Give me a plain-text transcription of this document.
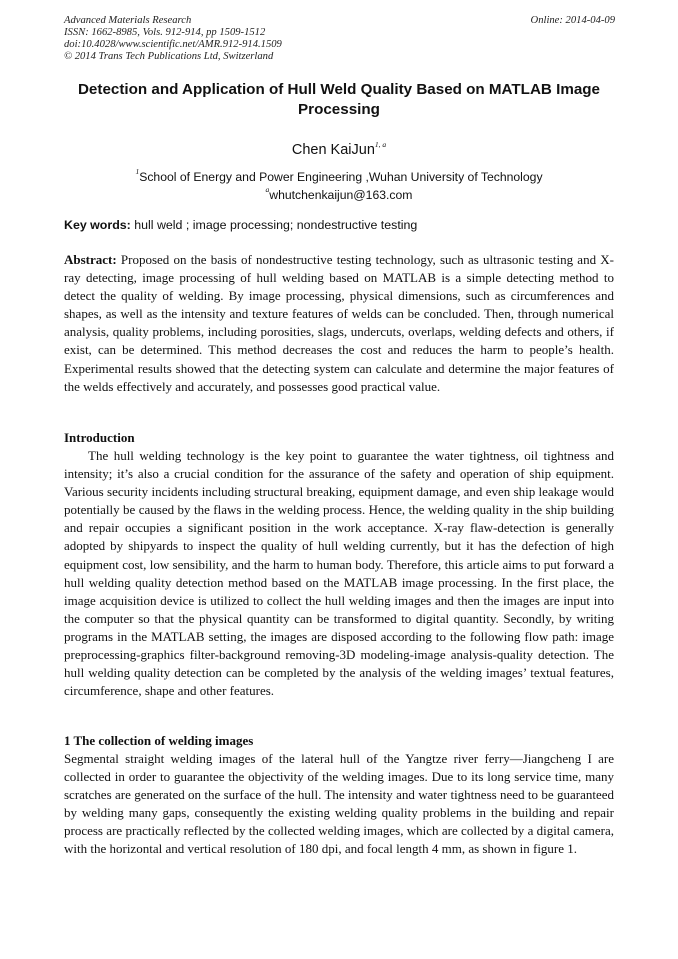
Advanced Materials Research
ISSN: 1662-8985, Vols. 912-914, pp 1509-1512
doi:10.4028/www.scientific.net/AMR.912-914.1509
© 2014 Trans Tech Publications Ltd, Switzerland
Online: 2014-04-09
Detection and Application of Hull Weld Quality Based on MATLAB Image Processing
Chen KaiJun$^{1, a}$
$^1$School of Energy and Power Engineering ,Wuhan University of Technology
$^a$whutchenkaijun@163.com
Key words: hull weld ; image processing; nondestructive testing
Abstract: Proposed on the basis of nondestructive testing technology, such as ultrasonic testing and X-ray detecting, image processing of hull welding based on MATLAB is a simple detecting method to detect the quality of welding. By image processing, physical dimensions, such as circumferences and shapes, as well as the intensity and texture features of welds can be concluded. Then, through numerical analysis, quality problems, including porosities, slags, undercuts, overlaps, welding defects and others, if exist, can be determined. This method decreases the cost and reduces the harm to people’s health. Experimental results showed that the detecting system can calculate and determine the major features of the welds effectively and accurately, and possesses good practical value.
Introduction
The hull welding technology is the key point to guarantee the water tightness, oil tightness and intensity; it’s also a crucial condition for the assurance of the safety and operation of ship equipment. Various security incidents including structural breaking, equipment damage, and even ship leakage would potentially be caused by the flaws in the welding process. Hence, the welding quality in the ship building and repair occupies a significant position in the work acceptance. X-ray flaw-detection is generally adopted by shipyards to inspect the quality of hull welding currently, but it has the defection of high equipment cost, low sensibility, and the harm to human body. Therefore, this article aims to put forward a hull welding quality detection method based on the MATLAB image processing. In the first place, the image acquisition device is utilized to collect the hull welding images and then the images are input into the computer so that the physical quantity can be transformed to digital quantity. Secondly, by writing programs in the MATLAB setting, the images are disposed according to the following flow path: image preprocessing-graphics filter-background removing-3D modeling-image analysis-quality detection. The hull welding quality detection can be completed by the analysis of the welding images’ textual features, circumference, shape and other features.
1 The collection of welding images
Segmental straight welding images of the lateral hull of the Yangtze river ferry—Jiangcheng I are collected in order to guarantee the objectivity of the welding images. Due to its long service time, many scratches are generated on the surface of the hull. The intensity and water tightness need to be guaranteed by welding many gaps, consequently the existing welding quality problems in the building and repair process are practically reflected by the collected welding images, which are collected by a digital camera, with the horizontal and vertical resolution of 180 dpi, and focal length 4 mm, as shown in figure 1.
